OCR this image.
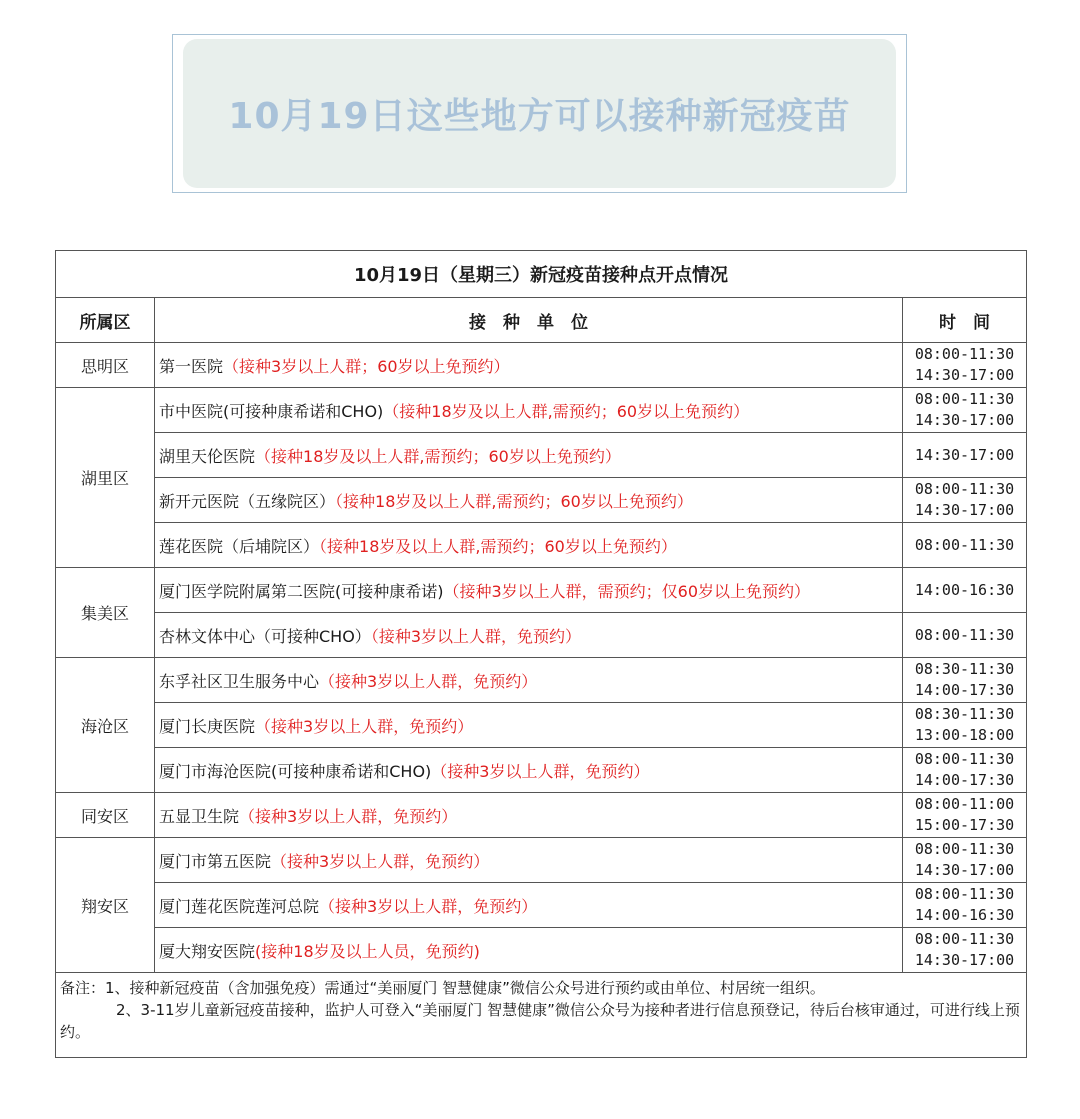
10月19日这些地方可以接种新冠疫苗
10月19日（星期三）新冠疫苗接种点开点情况		
所属区	接　种　单　位	时　间
思明区	第一医院（接种3岁以上人群；60岁以上免预约）	08:00-11:30
14:30-17:00

湖里区	市中医院(可接种康希诺和CHO)（接种18岁及以上人群,需预约；60岁以上免预约）	08:00-11:30
14:30-17:00

	湖里天伦医院（接种18岁及以上人群,需预约；60岁以上免预约）	14:30-17:00

	新开元医院（五缘院区）（接种18岁及以上人群,需预约；60岁以上免预约）	08:00-11:30
14:30-17:00

	莲花医院（后埔院区）（接种18岁及以上人群,需预约；60岁以上免预约）	08:00-11:30

集美区	厦门医学院附属第二医院(可接种康希诺)（接种3岁以上人群，需预约；仅60岁以上免预约）	14:00-16:30

	杏林文体中心（可接种CHO）（接种3岁以上人群，免预约）	08:00-11:30

海沧区	东孚社区卫生服务中心（接种3岁以上人群，免预约）	08:30-11:30
14:00-17:30

	厦门长庚医院（接种3岁以上人群，免预约）	08:30-11:30
13:00-18:00

	厦门市海沧医院(可接种康希诺和CHO)（接种3岁以上人群，免预约）	08:00-11:30
14:00-17:30

同安区	五显卫生院（接种3岁以上人群，免预约）	08:00-11:00
15:00-17:30

翔安区	厦门市第五医院（接种3岁以上人群，免预约）	08:00-11:30
14:30-17:00

	厦门莲花医院莲河总院（接种3岁以上人群，免预约）	08:00-11:30
14:00-16:30

	厦大翔安医院(接种18岁及以上人员，免预约)	08:00-11:30
14:30-17:00

备注：1、接种新冠疫苗（含加强免疫）需通过“美丽厦门 智慧健康”微信公众号进行预约或由单位、村居统一组织。
2、3-11岁儿童新冠疫苗接种，监护人可登入“美丽厦门 智慧健康”微信公众号为接种者进行信息预登记，待后台核审通过，可进行线上预约。		
